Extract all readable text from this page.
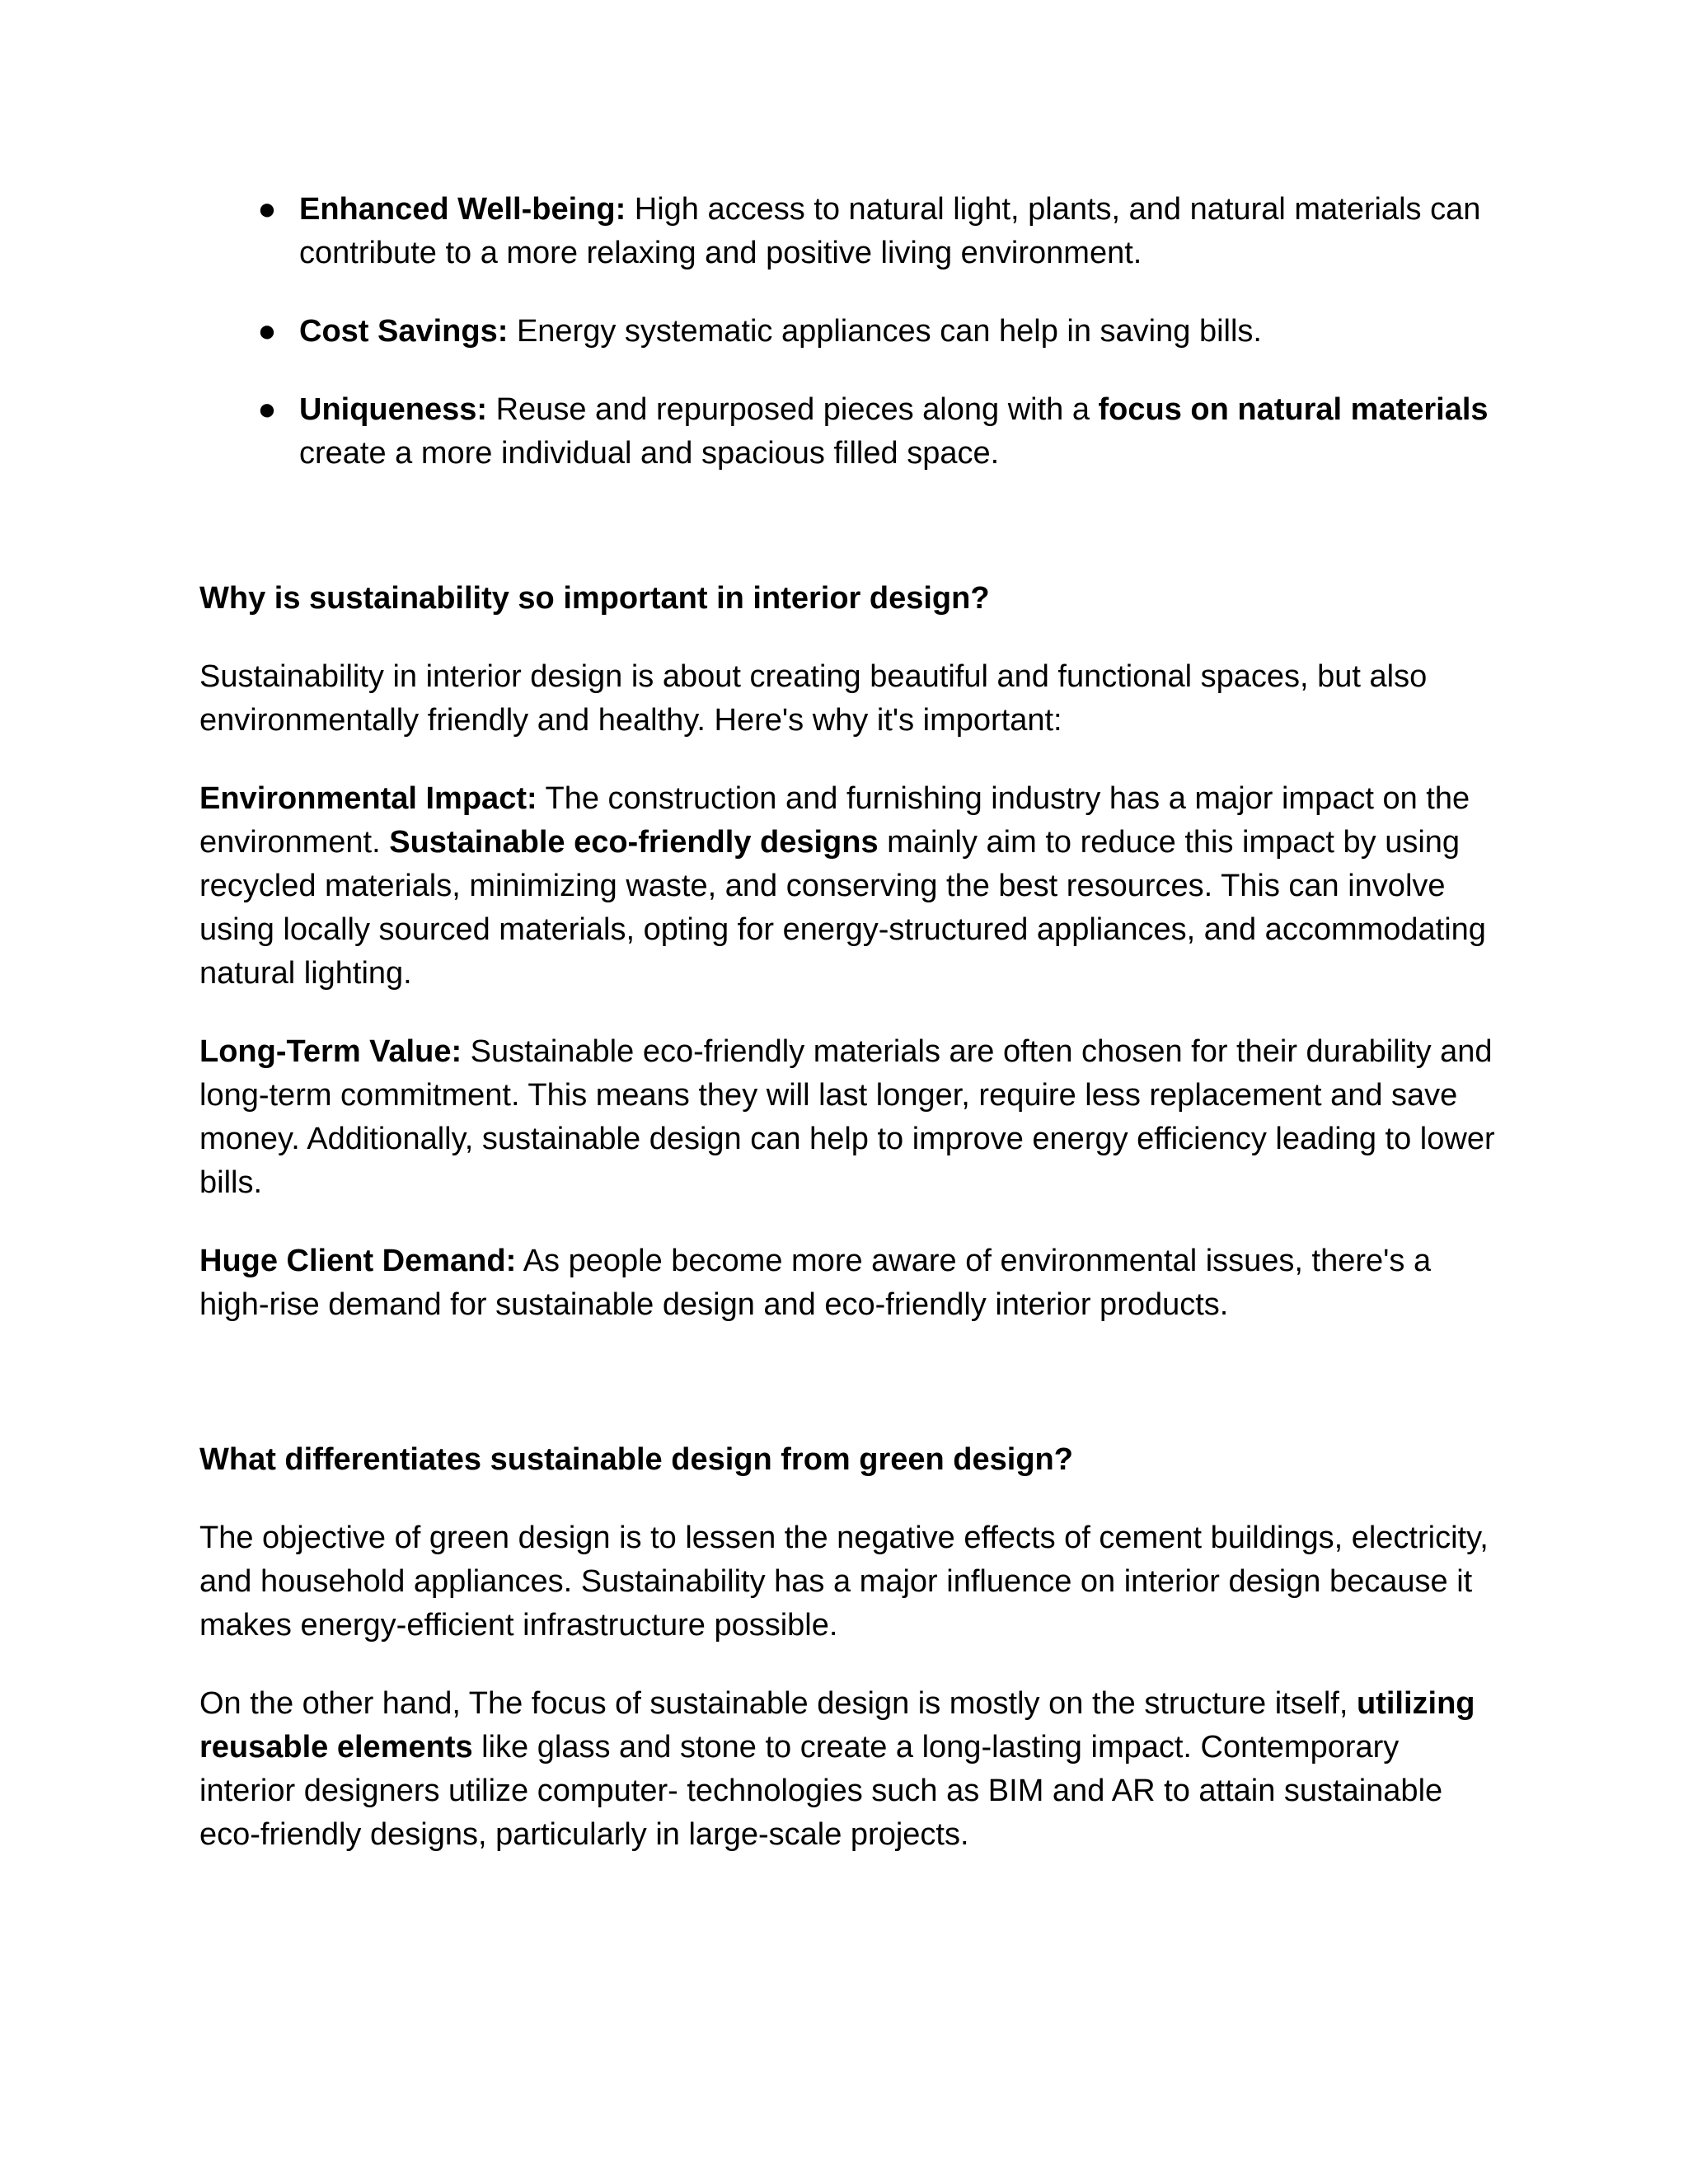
● Enhanced Well-being: High access to natural light, plants, and natural materials can contribute to a more relaxing and positive living environment.
● Cost Savings: Energy systematic appliances can help in saving bills.
● Uniqueness: Reuse and repurposed pieces along with a focus on natural materials create a more individual and spacious filled space.

Why is sustainability so important in interior design?

Sustainability in interior design is about creating beautiful and functional spaces, but also environmentally friendly and healthy. Here's why it's important:

Environmental Impact: The construction and furnishing industry has a major impact on the environment. Sustainable eco-friendly designs mainly aim to reduce this impact by using recycled materials, minimizing waste, and conserving the best resources. This can involve using locally sourced materials, opting for energy-structured appliances, and accommodating natural lighting.

Long-Term Value: Sustainable eco-friendly materials are often chosen for their durability and long-term commitment. This means they will last longer, require less replacement and save money. Additionally, sustainable design can help to improve energy efficiency leading to lower bills.

Huge Client Demand: As people become more aware of environmental issues, there's a high-rise demand for sustainable design and eco-friendly interior products.

What differentiates sustainable design from green design?

The objective of green design is to lessen the negative effects of cement buildings, electricity, and household appliances. Sustainability has a major influence on interior design because it makes energy-efficient infrastructure possible.

On the other hand, The focus of sustainable design is mostly on the structure itself, utilizing reusable elements like glass and stone to create a long-lasting impact. Contemporary interior designers utilize computer- technologies such as BIM and AR to attain sustainable eco-friendly designs, particularly in large-scale projects.
